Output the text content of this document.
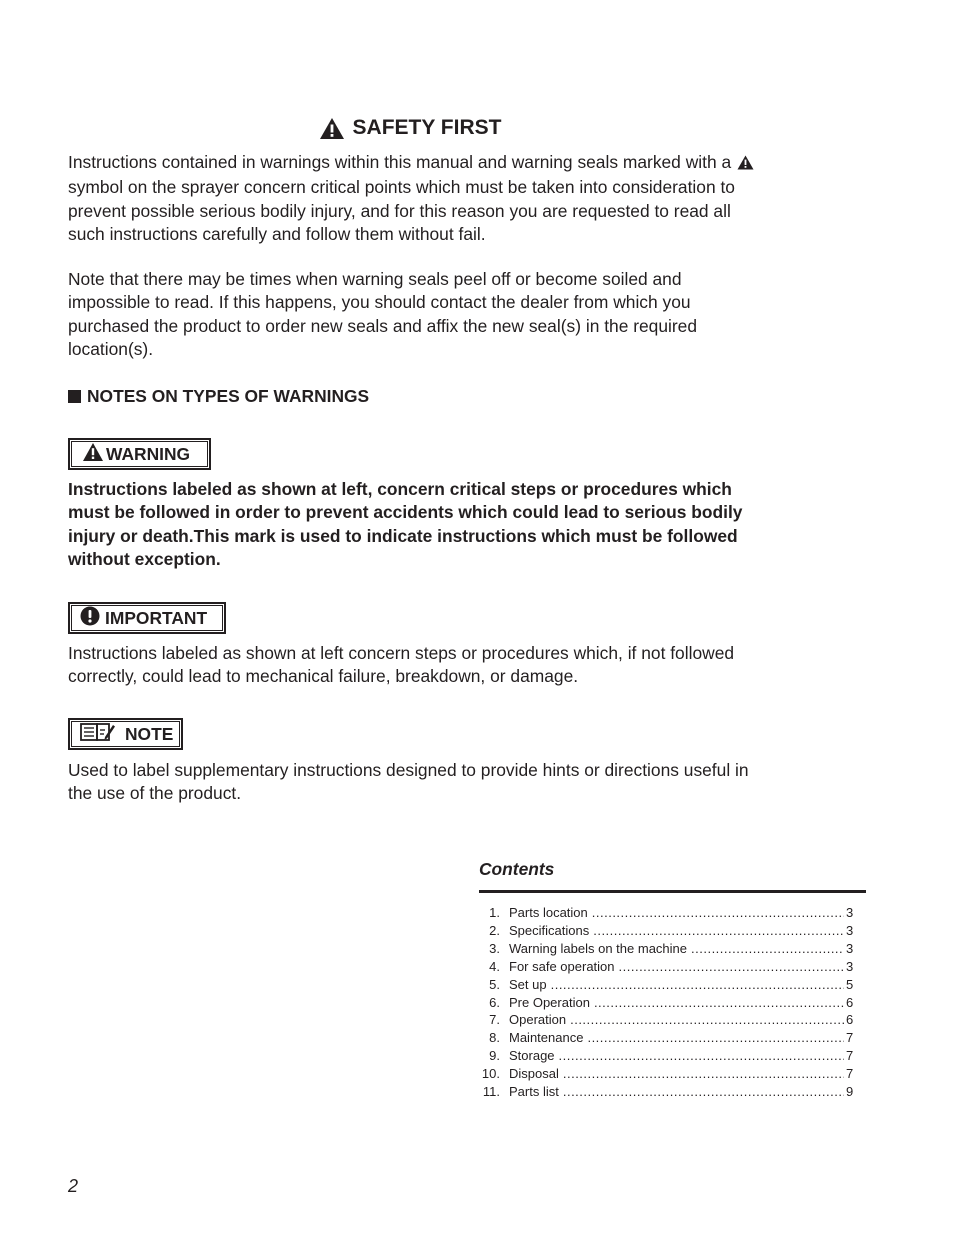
SAFETY FIRST
Instructions contained in warnings within this manual and warning seals marked with asymbol on the sprayer concern critical points which must be taken into consideration to prevent possible serious bodily injury, and for this reason you are requested to read all such instructions carefully and follow them without fail.
Note that there may be times when warning seals peel off or become soiled and impossible to read. If this happens, you should contact the dealer from which you purchased the product to order new seals and affix the new seal(s) in the required location(s).
NOTES ON TYPES OF WARNINGS
WARNING
Instructions labeled as shown at left, concern critical steps or procedures which must be followed in order to prevent accidents which could lead to serious bodily injury or death.This mark is used to indicate instructions which must be followed without exception.
IMPORTANT
Instructions labeled as shown at left concern steps or procedures which, if not followed correctly, could lead to mechanical failure, breakdown, or damage.
NOTE
Used to label supplementary instructions designed to provide hints or directions useful in the use of the product.
Contents
1. Parts location .....	3
2. Specifications .....	3
3. Warning labels on the machine .....	3
4. For safe operation .....	3
5. Set up .....	5
6. Pre Operation .....	6
7. Operation .....	6
8. Maintenance .....	7
9. Storage .....	7
10. Disposal .....	7
11. Parts list .....	9
2
